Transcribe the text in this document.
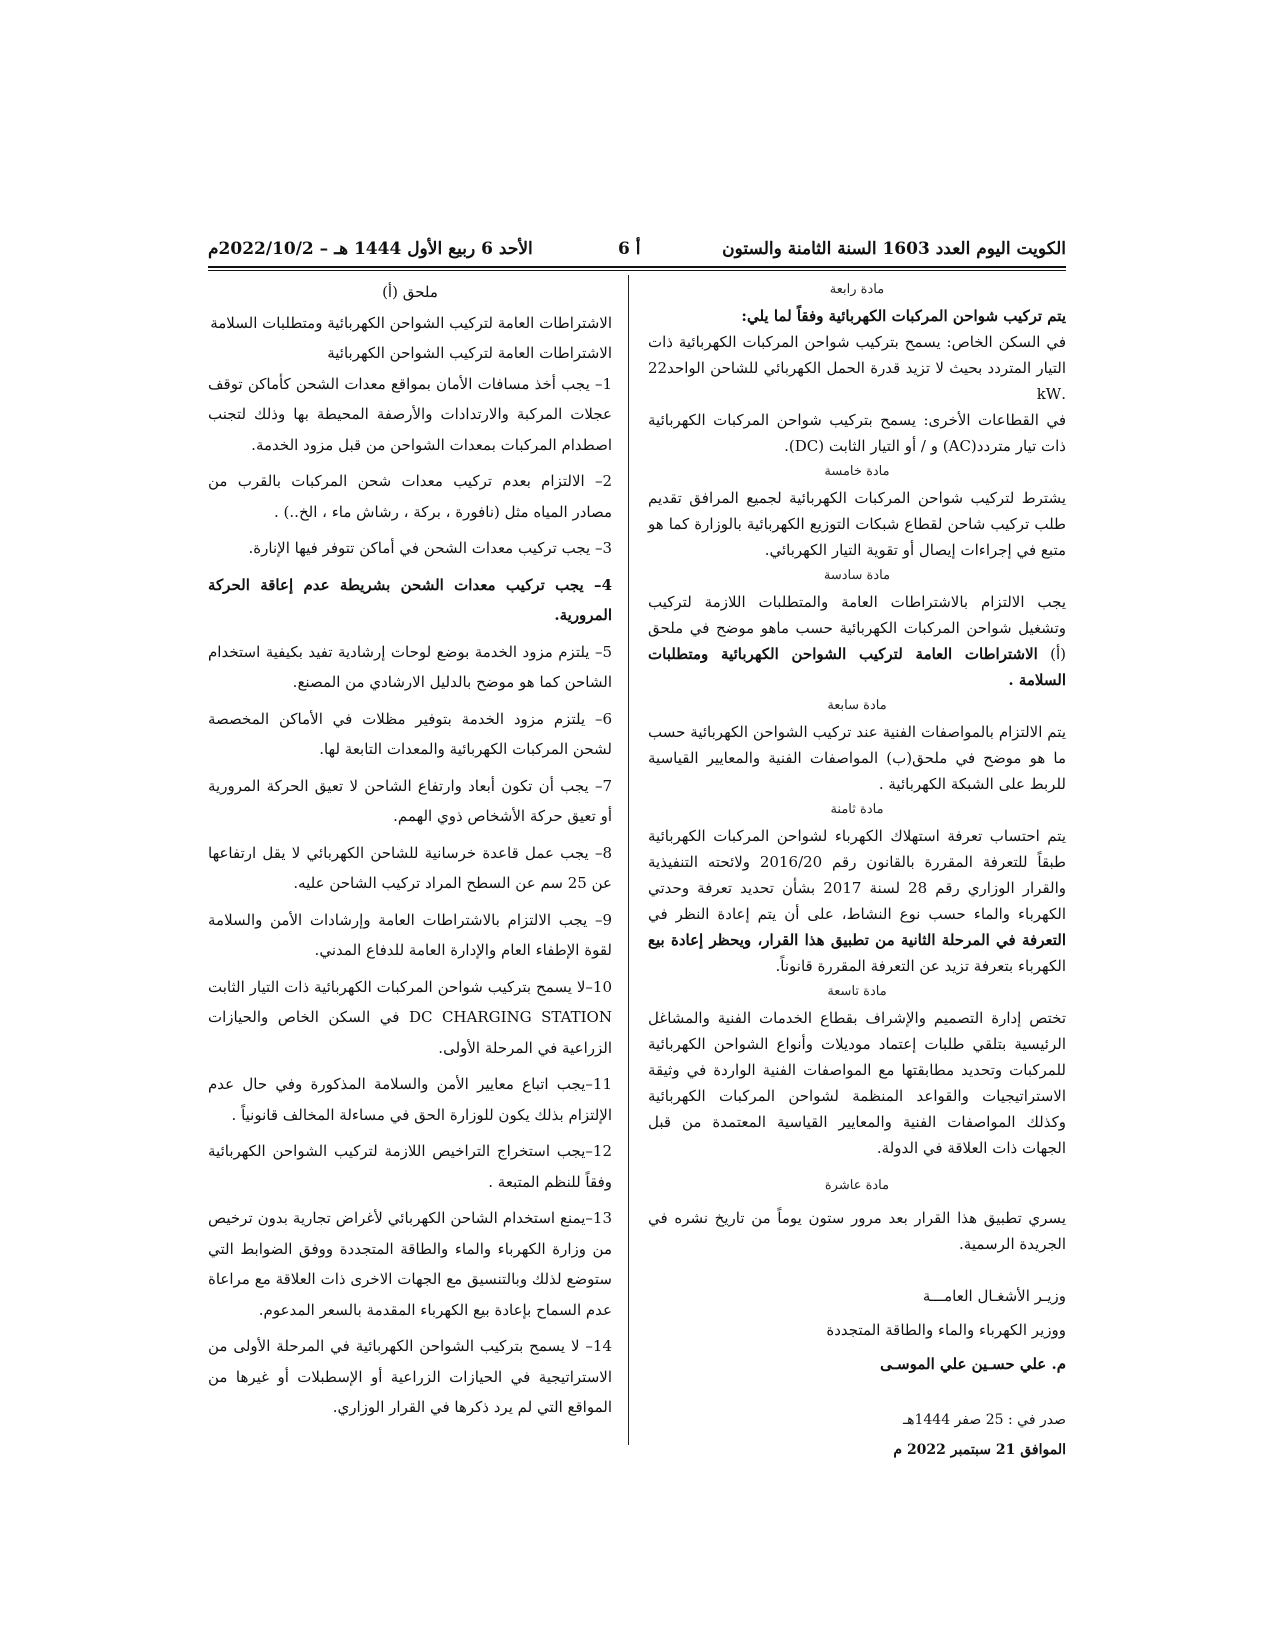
الكويت اليوم العدد 1603 السنة الثامنة والستون
أ 6
الأحد 6 ربيع الأول 1444 هـ – 2022/10/2م

مادة رابعة

يتم تركيب شواحن المركبات الكهربائية وفقاً لما يلي:

في السكن الخاص: يسمح بتركيب شواحن المركبات الكهربائية ذات التيار المتردد بحيث لا تزيد قدرة الحمل الكهربائي للشاحن الواحد22 .kW

في القطاعات الأخرى: يسمح بتركيب شواحن المركبات الكهربائية ذات تيار متردد(AC) و / أو التيار الثابت (DC).

مادة خامسة

يشترط لتركيب شواحن المركبات الكهربائية لجميع المرافق تقديم طلب تركيب شاحن لقطاع شبكات التوزيع الكهربائية بالوزارة كما هو متبع في إجراءات إيصال أو تقوية التيار الكهربائي.

مادة سادسة

يجب الالتزام بالاشتراطات العامة والمتطلبات اللازمة لتركيب وتشغيل شواحن المركبات الكهربائية حسب ماهو موضح في ملحق (أ) الاشتراطات العامة لتركيب الشواحن الكهربائية ومتطلبات السلامة .

مادة سابعة

يتم الالتزام بالمواصفات الفنية عند تركيب الشواحن الكهربائية حسب ما هو موضح في ملحق(ب) المواصفات الفنية والمعايير القياسية للربط على الشبكة الكهربائية .

مادة ثامنة

يتم احتساب تعرفة استهلاك الكهرباء لشواحن المركبات الكهربائية طبقاً للتعرفة المقررة بالقانون رقم 2016/20 ولائحته التنفيذية والقرار الوزاري رقم 28 لسنة 2017 بشأن تحديد تعرفة وحدتي الكهرباء والماء حسب نوع النشاط، على أن يتم إعادة النظر في التعرفة في المرحلة الثانية من تطبيق هذا القرار، ويحظر إعادة بيع الكهرباء بتعرفة تزيد عن التعرفة المقررة قانوناً.

مادة تاسعة

تختص إدارة التصميم والإشراف بقطاع الخدمات الفنية والمشاغل الرئيسية بتلقي طلبات إعتماد موديلات وأنواع الشواحن الكهربائية للمركبات وتحديد مطابقتها مع المواصفات الفنية الواردة في وثيقة الاستراتيجيات والقواعد المنظمة لشواحن المركبات الكهربائية وكذلك المواصفات الفنية والمعايير القياسية المعتمدة من قبل الجهات ذات العلاقة في الدولة.

مادة عاشرة

يسري تطبيق هذا القرار بعد مرور ستون يوماً من تاريخ نشره في الجريدة الرسمية.

وزيـر الأشغـال العامـــة
ووزير الكهرباء والماء والطاقة المتجددة
م. علي حسـين علي الموسـى
صدر في : 25 صفر 1444هـ
الموافق 21 سبتمبر 2022 م

ملحق (أ)

الاشتراطات العامة لتركيب الشواحن الكهربائية ومتطلبات السلامة

الاشتراطات العامة لتركيب الشواحن الكهربائية

1– يجب أخذ مسافات الأمان بمواقع معدات الشحن كأماكن توقف عجلات المركبة والارتدادات والأرصفة المحيطة بها وذلك لتجنب اصطدام المركبات بمعدات الشواحن من قبل مزود الخدمة.

2– الالتزام بعدم تركيب معدات شحن المركبات بالقرب من مصادر المياه مثل (نافورة ، بركة ، رشاش ماء ، الخ..) .

3– يجب تركيب معدات الشحن في أماكن تتوفر فيها الإنارة.

4– يجب تركيب معدات الشحن بشريطة عدم إعاقة الحركة المرورية.

5– يلتزم مزود الخدمة بوضع لوحات إرشادية تفيد بكيفية استخدام الشاحن كما هو موضح بالدليل الارشادي من المصنع.

6– يلتزم مزود الخدمة بتوفير مظلات في الأماكن المخصصة لشحن المركبات الكهربائية والمعدات التابعة لها.

7– يجب أن تكون أبعاد وارتفاع الشاحن لا تعيق الحركة المرورية أو تعيق حركة الأشخاص ذوي الهمم.

8– يجب عمل قاعدة خرسانية للشاحن الكهربائي لا يقل ارتفاعها عن 25 سم عن السطح المراد تركيب الشاحن عليه.

9– يجب الالتزام بالاشتراطات العامة وإرشادات الأمن والسلامة لقوة الإطفاء العام والإدارة العامة للدفاع المدني.

10–لا يسمح بتركيب شواحن المركبات الكهربائية ذات التيار الثابت DC CHARGING STATION في السكن الخاص والحيازات الزراعية في المرحلة الأولى.

11–يجب اتباع معايير الأمن والسلامة المذكورة وفي حال عدم الإلتزام بذلك يكون للوزارة الحق في مساءلة المخالف قانونياً .

12–يجب استخراج التراخيص اللازمة لتركيب الشواحن الكهربائية وفقاً للنظم المتبعة .

13–يمنع استخدام الشاحن الكهربائي لأغراض تجارية بدون ترخيص من وزارة الكهرباء والماء والطاقة المتجددة ووفق الضوابط التي ستوضع لذلك وبالتنسيق مع الجهات الاخرى ذات العلاقة مع مراعاة عدم السماح بإعادة بيع الكهرباء المقدمة بالسعر المدعوم.

14– لا يسمح بتركيب الشواحن الكهربائية في المرحلة الأولى من الاستراتيجية في الحيازات الزراعية أو الإسطبلات أو غيرها من المواقع التي لم يرد ذكرها في القرار الوزاري.
